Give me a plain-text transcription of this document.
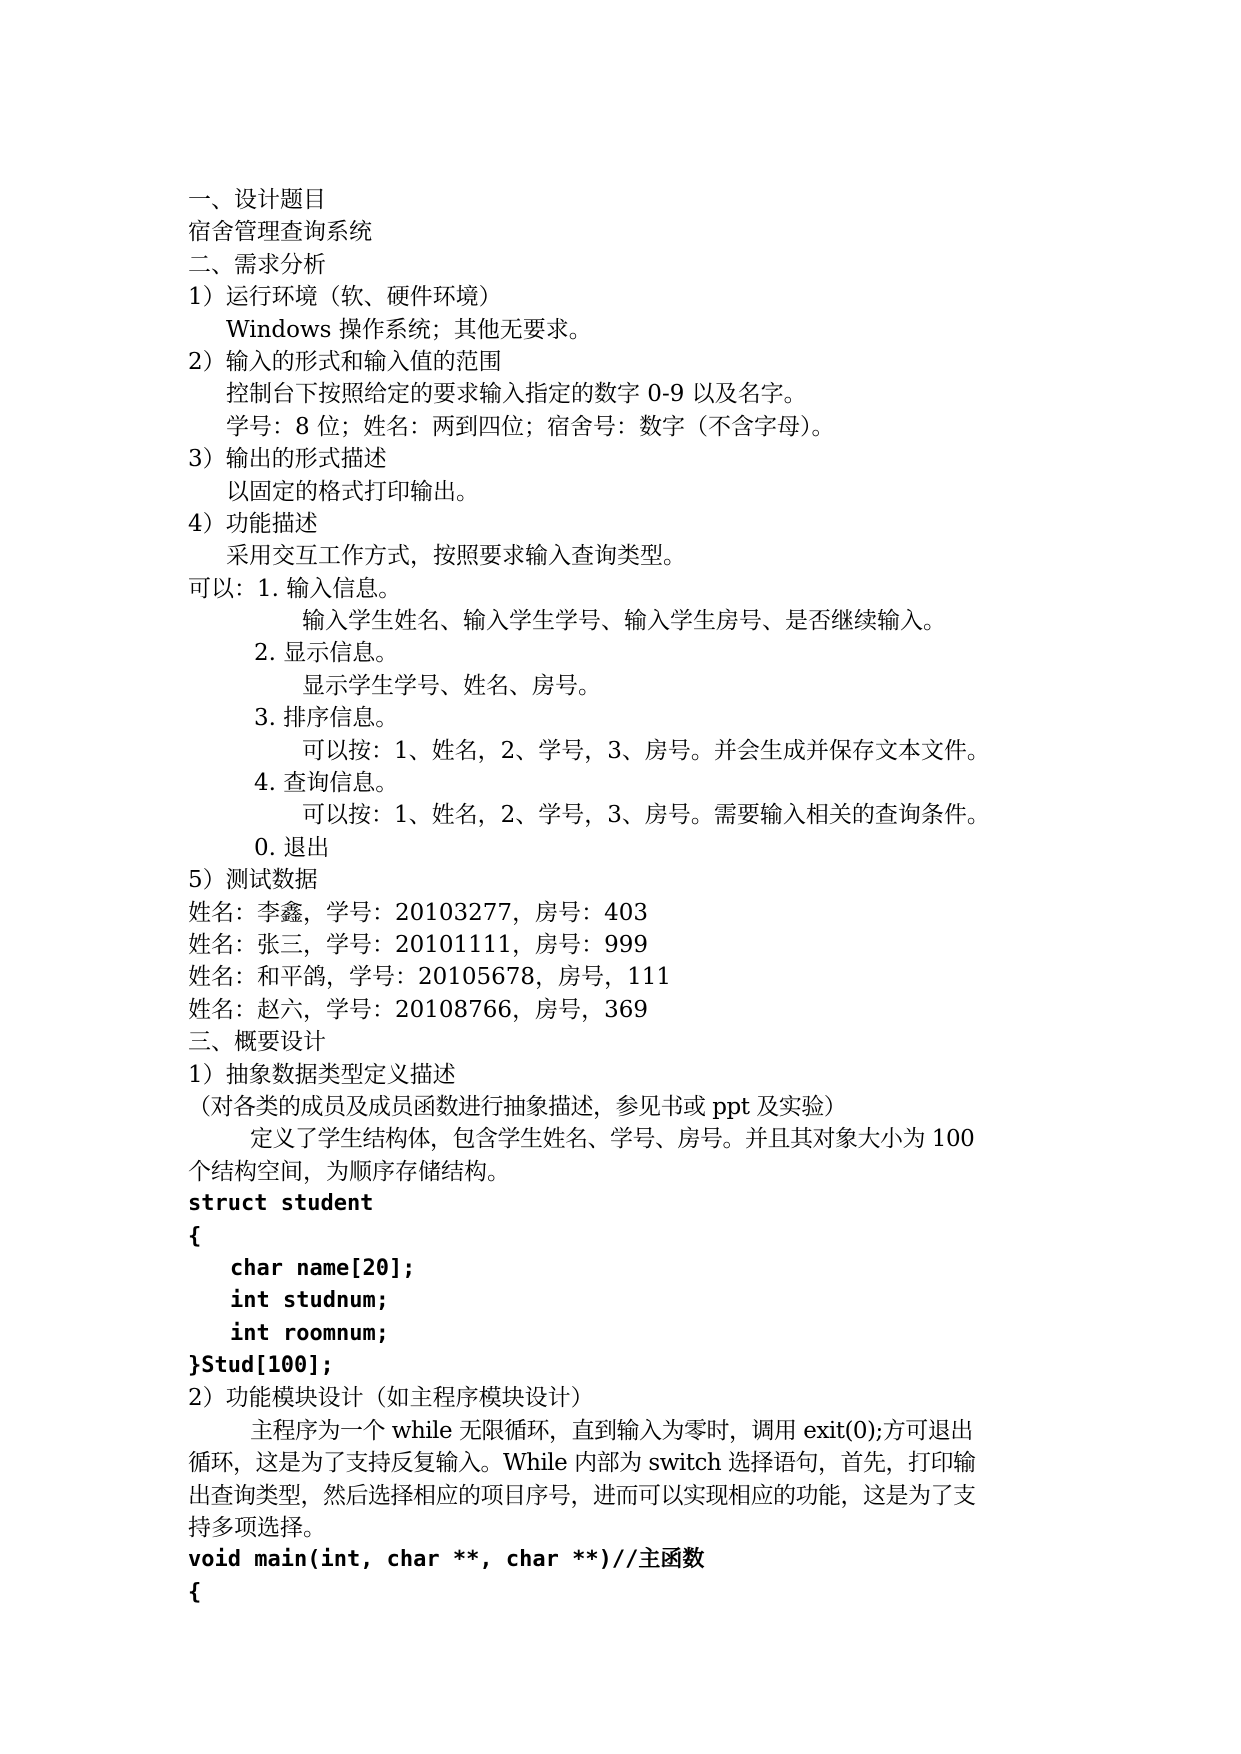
一、设计题目
宿舍管理查询系统
二、需求分析
1）运行环境（软、硬件环境）
Windows 操作系统；其他无要求。
2）输入的形式和输入值的范围
控制台下按照给定的要求输入指定的数字 0-9 以及名字。
学号：8 位；姓名：两到四位；宿舍号：数字（不含字母）。
3）输出的形式描述
以固定的格式打印输出。
4）功能描述
采用交互工作方式，按照要求输入查询类型。
可以：1. 输入信息。
输入学生姓名、输入学生学号、输入学生房号、是否继续输入。
2. 显示信息。
显示学生学号、姓名、房号。
3. 排序信息。
可以按：1、姓名，2、学号，3、房号。并会生成并保存文本文件。
4. 查询信息。
可以按：1、姓名，2、学号，3、房号。需要输入相关的查询条件。
0. 退出
5）测试数据
姓名：李鑫，学号：20103277，房号：403
姓名：张三，学号：20101111，房号：999
姓名：和平鸽，学号：20105678，房号，111
姓名：赵六，学号：20108766，房号，369
三、概要设计
1）抽象数据类型定义描述
（对各类的成员及成员函数进行抽象描述，参见书或 ppt 及实验）
定义了学生结构体，包含学生姓名、学号、房号。并且其对象大小为 100
个结构空间，为顺序存储结构。
struct student
{
char name[20];
int studnum;
int roomnum;
}Stud[100];
2）功能模块设计（如主程序模块设计）
主程序为一个 while 无限循环，直到输入为零时，调用 exit(0);方可退出
循环，这是为了支持反复输入。While 内部为 switch 选择语句，首先，打印输
出查询类型，然后选择相应的项目序号，进而可以实现相应的功能，这是为了支
持多项选择。
void main(int, char **, char **)//主函数
{
